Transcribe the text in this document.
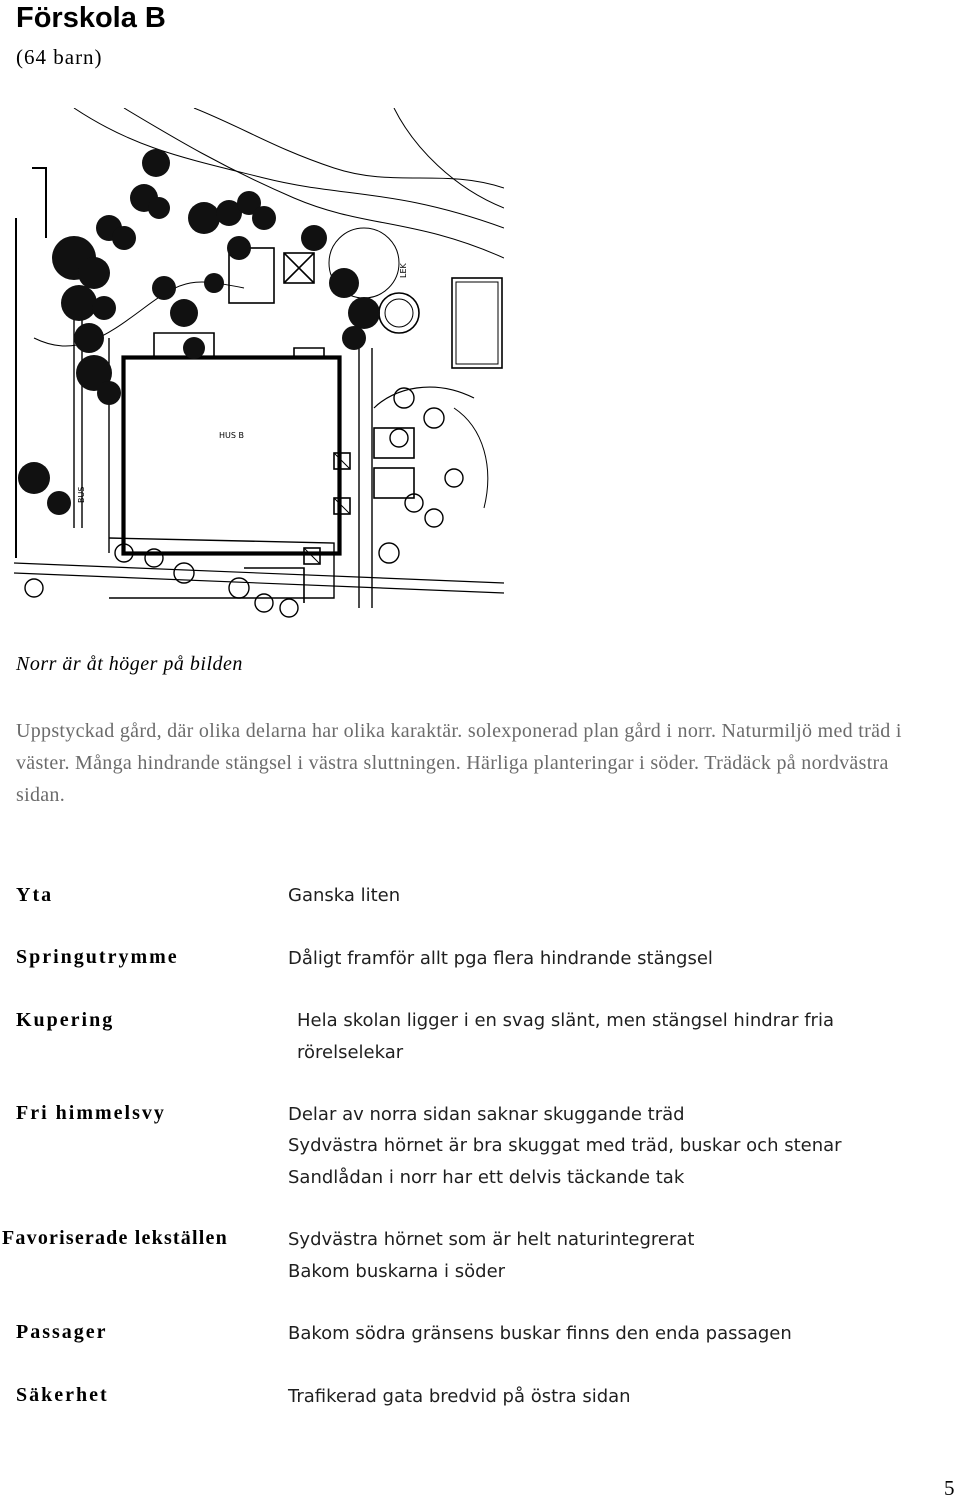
Förskola B
(64 barn)
HUS B
BUS
LEK
Norr är åt höger på bilden
Uppstyckad gård, där olika delarna har olika karaktär. solexponerad plan gård i norr. Naturmiljö med träd i väster. Många hindrande stängsel i västra sluttningen. Härliga planteringar i söder. Trädäck på nordvästra sidan.
Yta	Ganska liten
Springutrymme	Dåligt framför allt pga flera hindrande stängsel
Kupering	Hela skolan ligger i en svag slänt, men stängsel hindrar fria
rörelselekar
Fri himmelsvy	Delar av norra sidan saknar skuggande träd
Sydvästra hörnet är bra skuggat med träd, buskar och stenar
Sandlådan i norr har ett delvis täckande tak
Favoriserade lekställen	Sydvästra hörnet som är helt naturintegrerat
Bakom buskarna i söder
Passager	Bakom södra gränsens buskar finns den enda passagen
Säkerhet	Trafikerad gata bredvid på östra sidan
5
